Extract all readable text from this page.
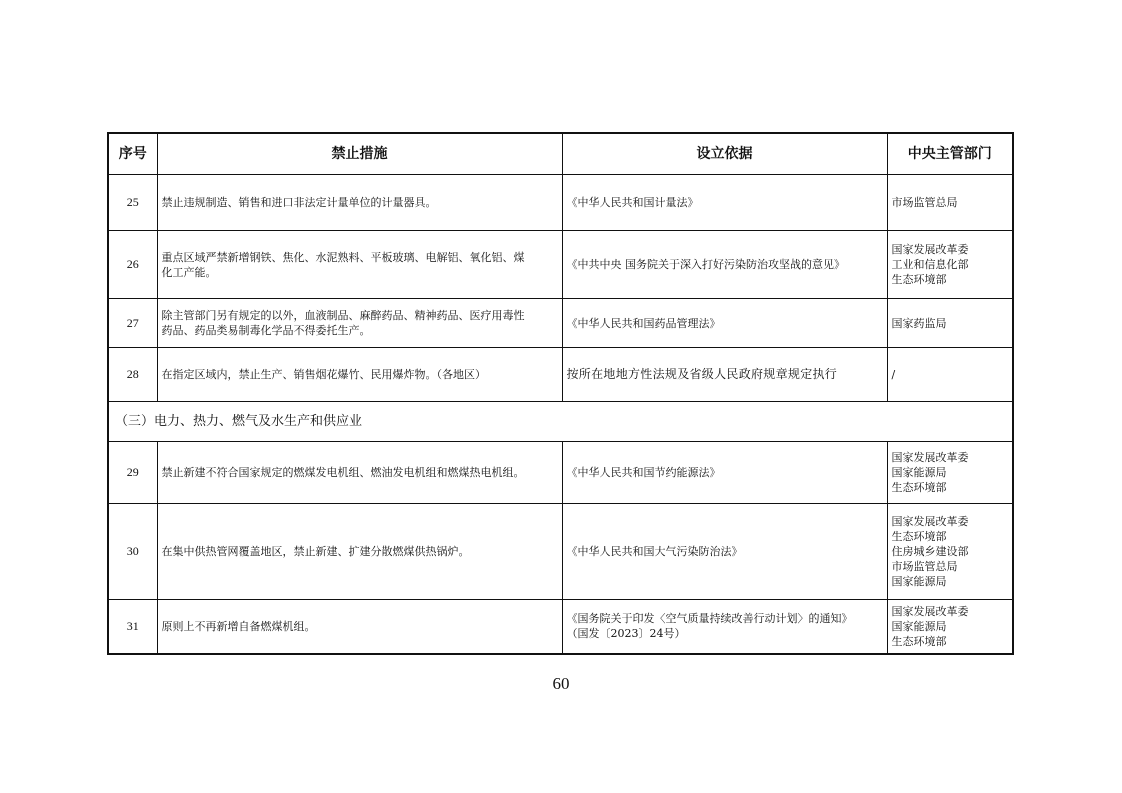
序号	禁止措施	设立依据	中央主管部门
25	禁止违规制造、销售和进口非法定计量单位的计量器具。	《中华人民共和国计量法》	市场监管总局

26	重点区域严禁新增钢铁、焦化、水泥熟料、平板玻璃、电解铝、氧化铝、煤
化工产能。	《中共中央 国务院关于深入打好污染防治攻坚战的意见》	国家发展改革委
工业和信息化部
生态环境部

27	除主管部门另有规定的以外，血液制品、麻醉药品、精神药品、医疗用毒性
药品、药品类易制毒化学品不得委托生产。	《中华人民共和国药品管理法》	国家药监局

28	在指定区域内，禁止生产、销售烟花爆竹、民用爆炸物。（各地区）	按所在地地方性法规及省级人民政府规章规定执行	/

（三）电力、热力、燃气及水生产和供应业			
29	禁止新建不符合国家规定的燃煤发电机组、燃油发电机组和燃煤热电机组。	《中华人民共和国节约能源法》	国家发展改革委
国家能源局
生态环境部

30	在集中供热管网覆盖地区，禁止新建、扩建分散燃煤供热锅炉。	《中华人民共和国大气污染防治法》	国家发展改革委
生态环境部
住房城乡建设部
市场监管总局
国家能源局

31	原则上不再新增自备燃煤机组。	《国务院关于印发〈空气质量持续改善行动计划〉的通知》
（国发〔2023〕24号）	国家发展改革委
国家能源局
生态环境部
60
